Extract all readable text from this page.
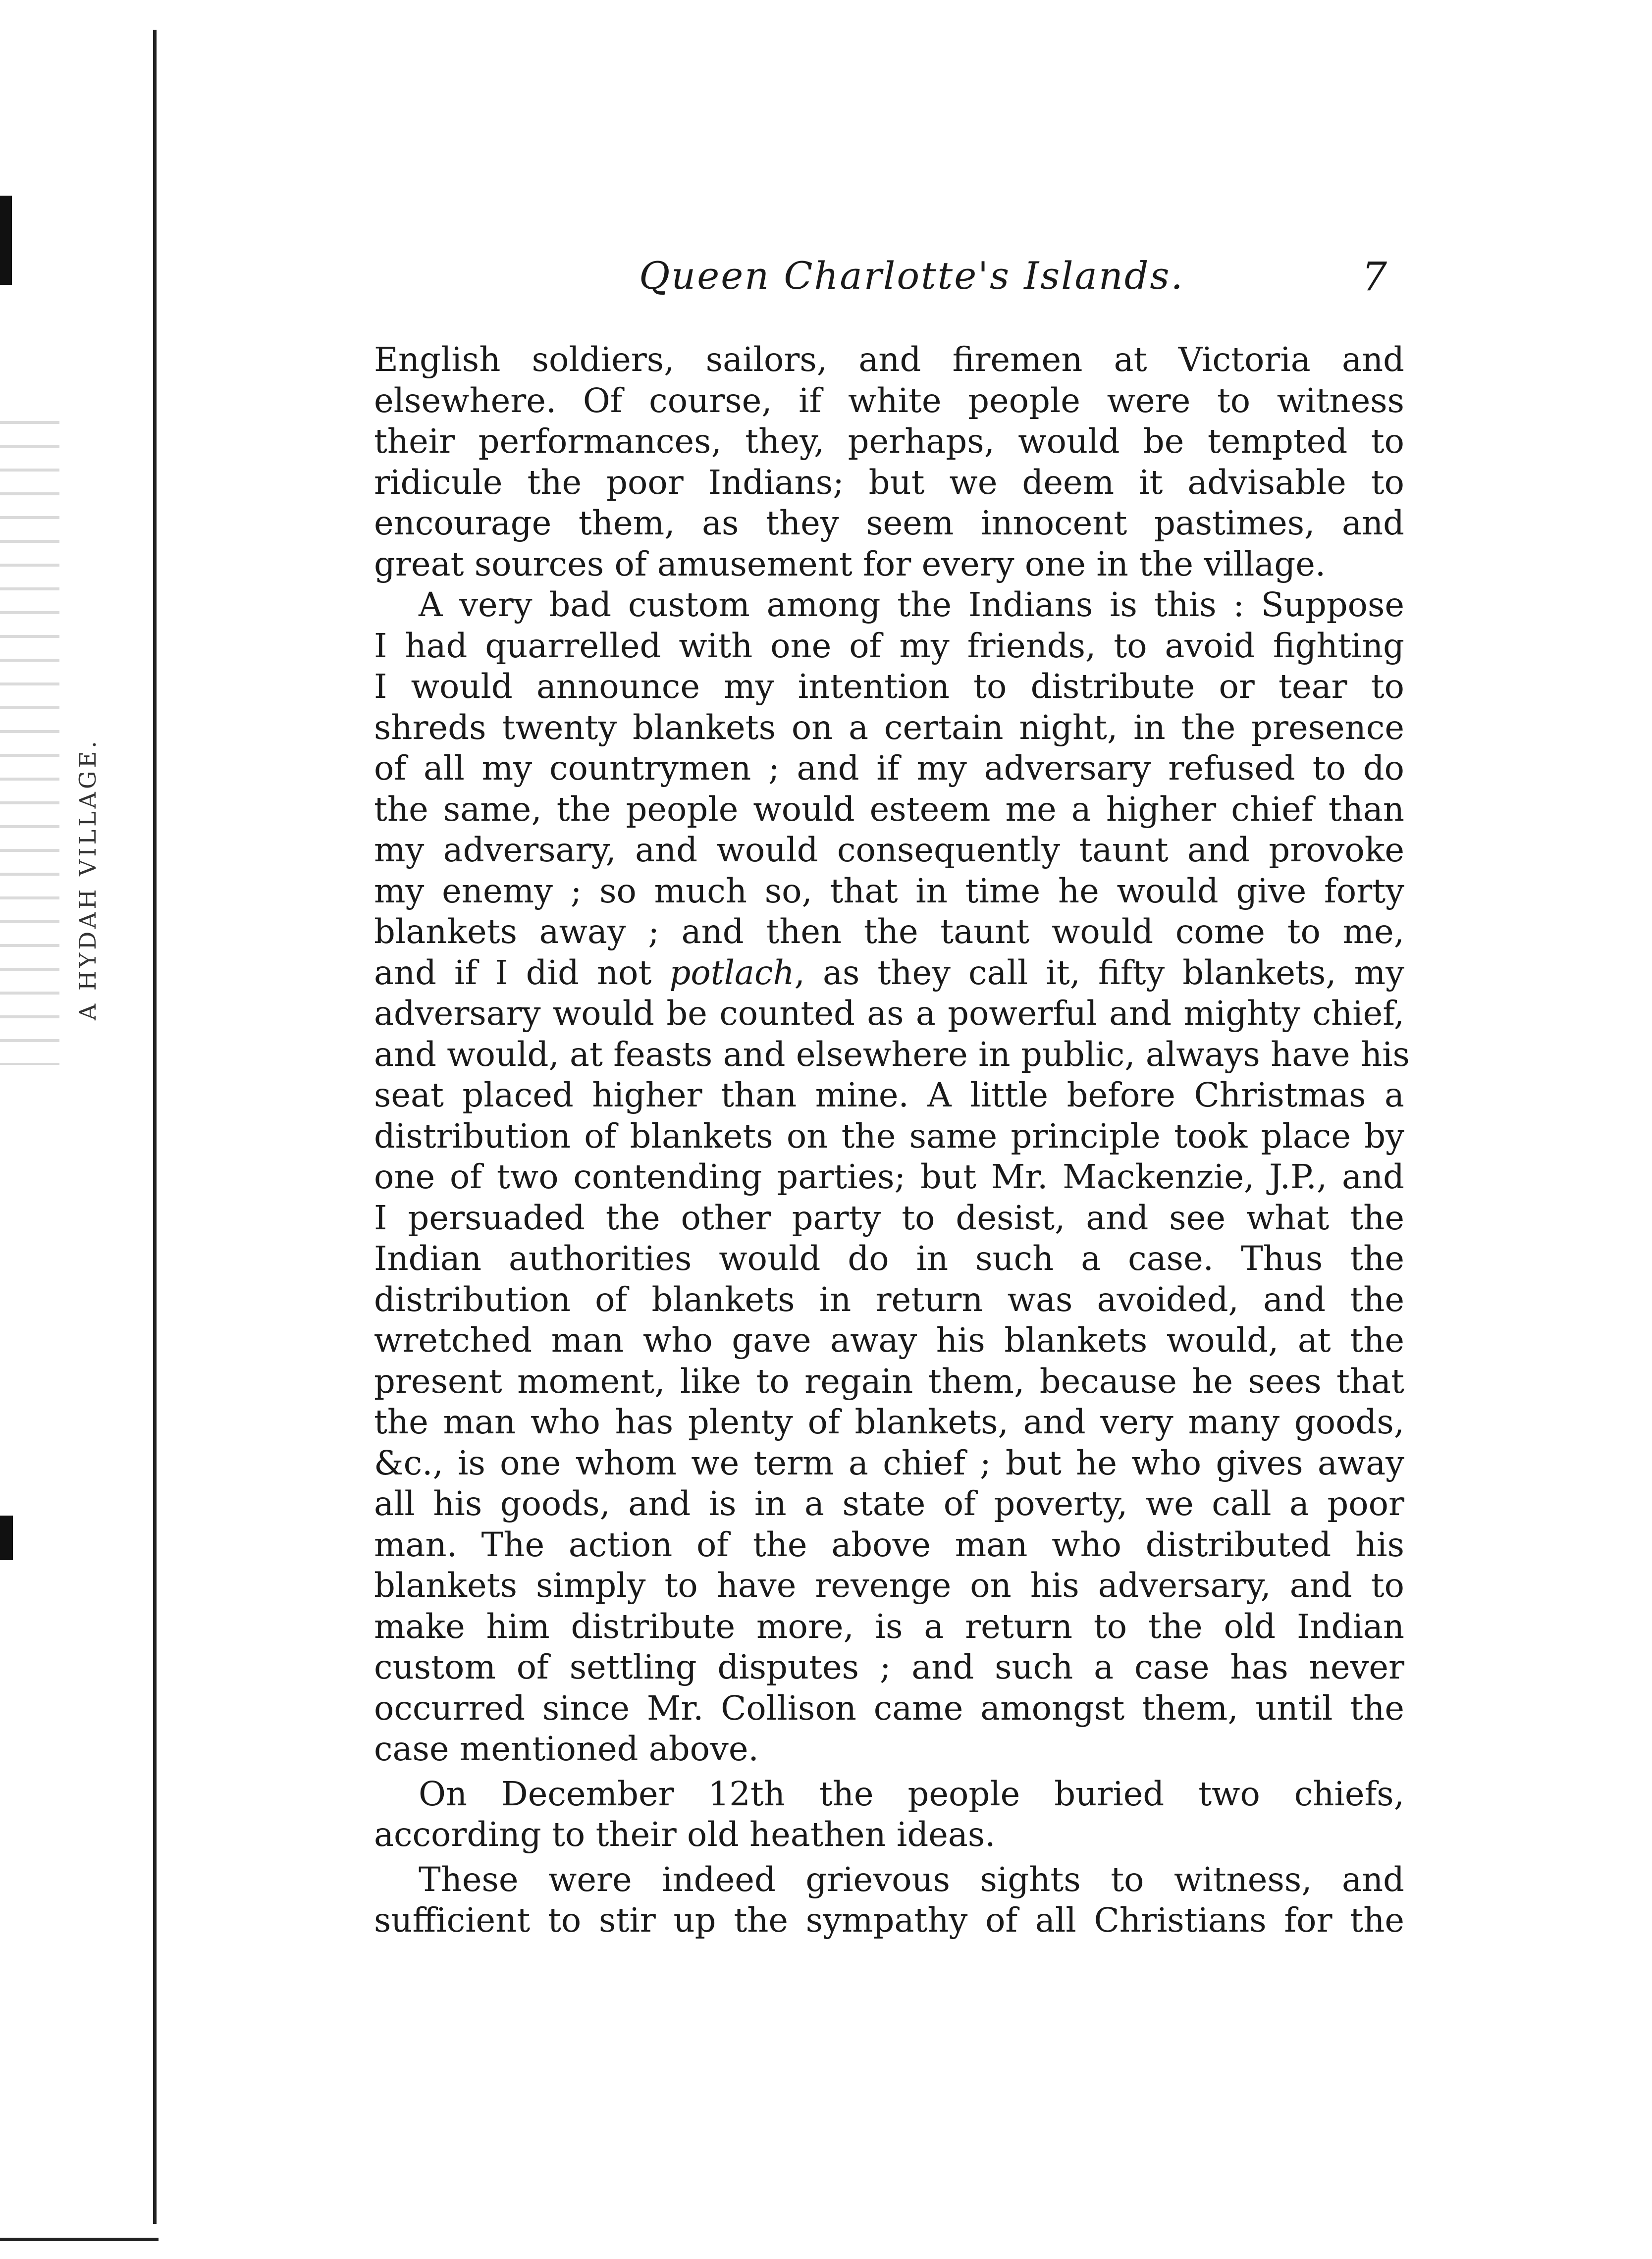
A HYDAH VILLAGE.
Queen Charlotte's Islands.	7
English soldiers, sailors, and firemen at Victoria and
elsewhere. Of course, if white people were to witness
their performances, they, perhaps, would be tempted to
ridicule the poor Indians; but we deem it advisable to
encourage them, as they seem innocent pastimes, and
great sources of amusement for every one in the village.
A very bad custom among the Indians is this : Suppose
I had quarrelled with one of my friends, to avoid fighting
I would announce my intention to distribute or tear to
shreds twenty blankets on a certain night, in the presence
of all my countrymen ; and if my adversary refused to do
the same, the people would esteem me a higher chief than
my adversary, and would consequently taunt and provoke
my enemy ; so much so, that in time he would give forty
blankets away ; and then the taunt would come to me,
and if I did not potlach, as they call it, fifty blankets, my
adversary would be counted as a powerful and mighty chief,
and would, at feasts and elsewhere in public, always have his
seat placed higher than mine. A little before Christmas a
distribution of blankets on the same principle took place by
one of two contending parties; but Mr. Mackenzie, J.P., and
I persuaded the other party to desist, and see what the
Indian authorities would do in such a case. Thus the
distribution of blankets in return was avoided, and the
wretched man who gave away his blankets would, at the
present moment, like to regain them, because he sees that
the man who has plenty of blankets, and very many goods,
&c., is one whom we term a chief ; but he who gives away
all his goods, and is in a state of poverty, we call a poor
man. The action of the above man who distributed his
blankets simply to have revenge on his adversary, and to
make him distribute more, is a return to the old Indian
custom of settling disputes ; and such a case has never
occurred since Mr. Collison came amongst them, until the
case mentioned above.
On December 12th the people buried two chiefs,
according to their old heathen ideas.
These were indeed grievous sights to witness, and
sufficient to stir up the sympathy of all Christians for the
